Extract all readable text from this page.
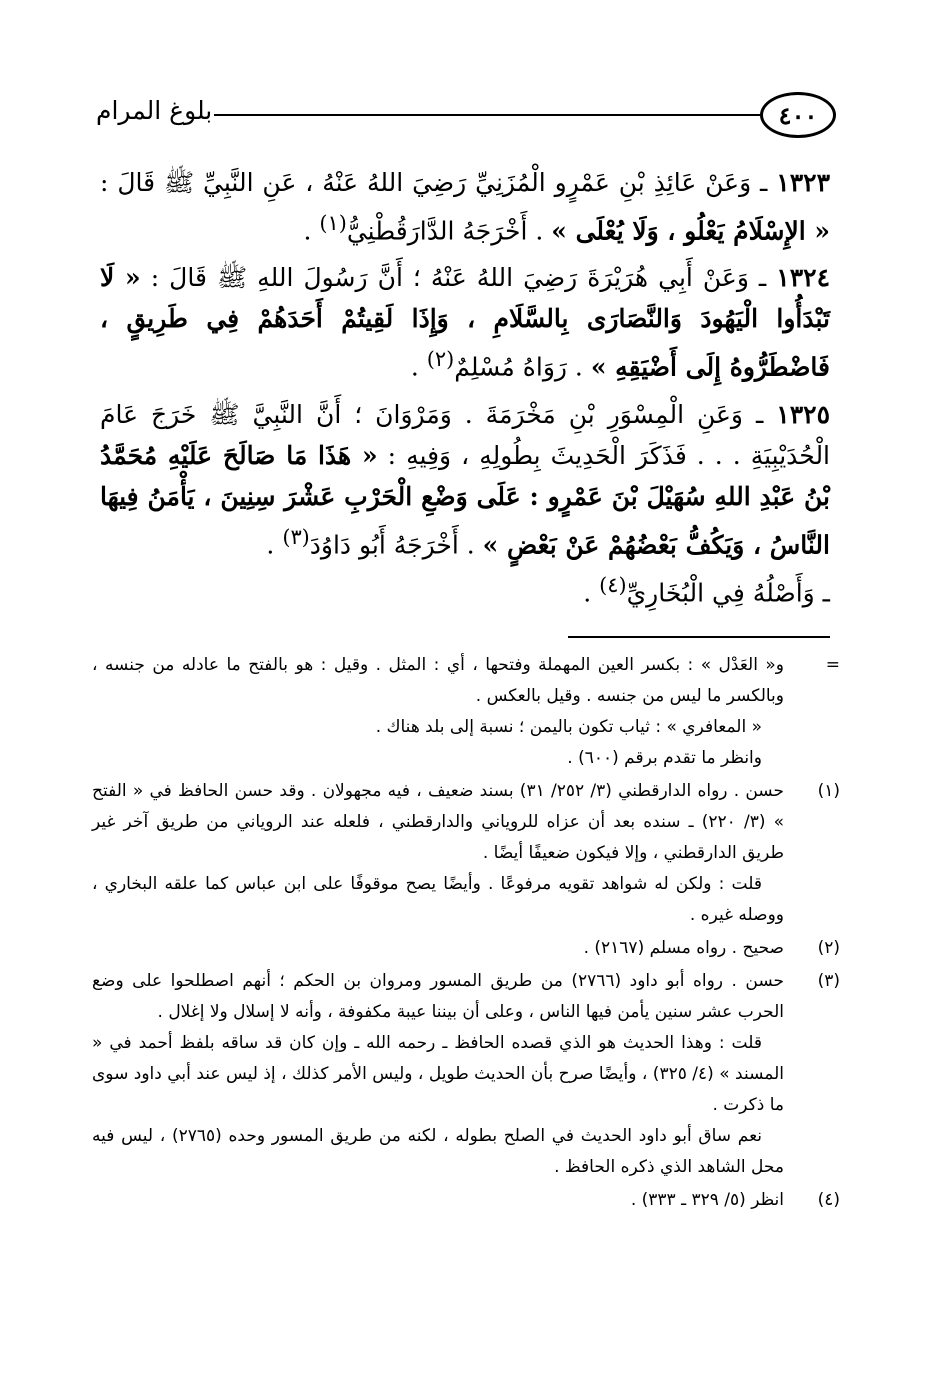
٤٠٠
بلوغ المرام

١٣٢٣ ـ وَعَنْ عَائِذِ بْنِ عَمْرٍو الْمُزَنِيِّ رَضِيَ اللهُ عَنْهُ ، عَنِ النَّبِيِّ ﷺ قَالَ : « الإِسْلَامُ يَعْلُو ، وَلَا يُعْلَى » . أَخْرَجَهُ الدَّارَقُطْنِيُّ$^{(١)}$ .

١٣٢٤ ـ وَعَنْ أَبِي هُرَيْرَةَ رَضِيَ اللهُ عَنْهُ ؛ أَنَّ رَسُولَ اللهِ ﷺ قَالَ : « لَا تَبْدَأُوا الْيَهُودَ وَالنَّصَارَى بِالسَّلَامِ ، وَإِذَا لَقِيتُمْ أَحَدَهُمْ فِي طَرِيقٍ ، فَاضْطَرُّوهُ إِلَى أَضْيَقِهِ » . رَوَاهُ مُسْلِمٌ$^{(٢)}$ .

١٣٢٥ ـ وَعَنِ الْمِسْوَرِ بْنِ مَخْرَمَةَ . وَمَرْوَانَ ؛ أَنَّ النَّبِيَّ ﷺ خَرَجَ عَامَ الْحُدَيْبِيَةِ . . . فَذَكَرَ الْحَدِيثَ بِطُولِهِ ، وَفِيهِ : « هَذَا مَا صَالَحَ عَلَيْهِ مُحَمَّدُ بْنُ عَبْدِ اللهِ سُهَيْلَ بْنَ عَمْرٍو : عَلَى وَضْعِ الْحَرْبِ عَشْرَ سِنِينَ ، يَأْمَنُ فِيهَا النَّاسُ ، وَيَكُفُّ بَعْضُهُمْ عَنْ بَعْضٍ » . أَخْرَجَهُ أَبُو دَاوُدَ$^{(٣)}$ .
ـ وَأَصْلُهُ فِي الْبُخَارِيِّ$^{(٤)}$ .

=

و« العَدْل » : بكسر العين المهملة وفتحها ، أي : المثل . وقيل : هو بالفتح ما عادله من جنسه ، وبالكسر ما ليس من جنسه . وقيل بالعكس .

« المعافري » : ثياب تكون باليمن ؛ نسبة إلى بلد هناك .

وانظر ما تقدم برقم (٦٠٠) .

(١)

حسن . رواه الدارقطني (٣/ ٢٥٢/ ٣١) بسند ضعيف ، فيه مجهولان . وقد حسن الحافظ في « الفتح » (٣/ ٢٢٠) ـ سنده بعد أن عزاه للروياني والدارقطني ، فلعله عند الروياني من طريق آخر غير طريق الدارقطني ، وإلا فيكون ضعيفًا أيضًا .

قلت : ولكن له شواهد تقويه مرفوعًا . وأيضًا يصح موقوفًا على ابن عباس كما علقه البخاري ، ووصله غيره .

(٢)

صحيح . رواه مسلم (٢١٦٧) .

(٣)

حسن . رواه أبو داود (٢٧٦٦) من طريق المسور ومروان بن الحكم ؛ أنهم اصطلحوا على وضع الحرب عشر سنين يأمن فيها الناس ، وعلى أن بيننا عيبة مكفوفة ، وأنه لا إسلال ولا إغلال .

قلت : وهذا الحديث هو الذي قصده الحافظ ـ رحمه الله ـ وإن كان قد ساقه بلفظ أحمد في « المسند » (٤/ ٣٢٥) ، وأيضًا صرح بأن الحديث طويل ، وليس الأمر كذلك ، إذ ليس عند أبي داود سوى ما ذكرت .

نعم ساق أبو داود الحديث في الصلح بطوله ، لكنه من طريق المسور وحده (٢٧٦٥) ، ليس فيه محل الشاهد الذي ذكره الحافظ .

(٤)

انظر (٥/ ٣٢٩ ـ ٣٣٣) .
